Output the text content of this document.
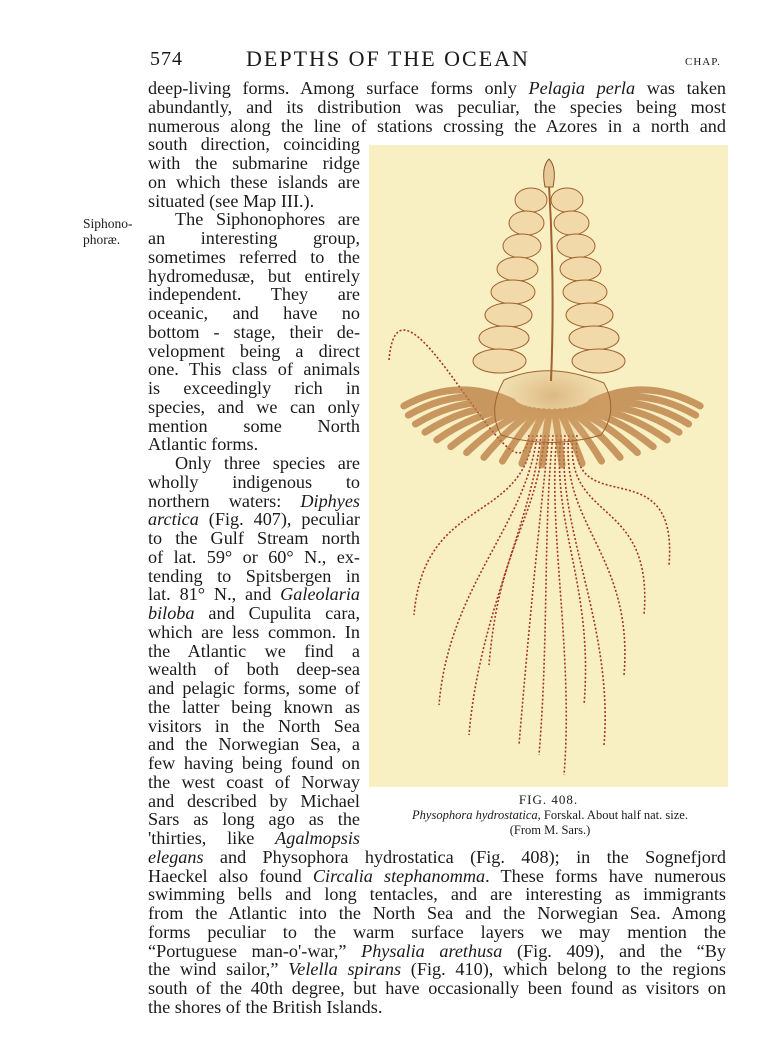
574	DEPTHS OF THE OCEAN	CHAP.
Siphono-
phoræ.
deep-living forms. Among surface forms only Pelagia perla was taken
abundantly, and its distribution was peculiar, the species being most
numerous along the line of stations crossing the Azores in a north and
south direction, coinciding
with the submarine ridge
on which these islands are
situated (see Map III.).
The Siphonophores are
an interesting group,
sometimes referred to the
hydromedusæ, but entirely
independent. They are
oceanic, and have no
bottom - stage, their de-
velopment being a direct
one. This class of animals
is exceedingly rich in
species, and we can only
mention some North
Atlantic forms.
Only three species are
wholly indigenous to
northern waters: Diphyes
arctica (Fig. 407), peculiar
to the Gulf Stream north
of lat. 59° or 60° N., ex-
tending to Spitsbergen in
lat. 81° N., and Galeolaria
biloba and Cupulita cara,
which are less common. In
the Atlantic we find a
wealth of both deep-sea
and pelagic forms, some of
the latter being known as
visitors in the North Sea
and the Norwegian Sea, a
few having being found on
the west coast of Norway
and described by Michael
Sars as long ago as the
'thirties, like Agalmopsis
elegans and Physophora hydrostatica (Fig. 408); in the Sognefjord
Haeckel also found Circalia stephanomma. These forms have numerous
swimming bells and long tentacles, and are interesting as immigrants
from the Atlantic into the North Sea and the Norwegian Sea. Among
forms peculiar to the warm surface layers we may mention the
“Portuguese man-o'-war,” Physalia arethusa (Fig. 409), and the “By
the wind sailor,” Velella spirans (Fig. 410), which belong to the regions
south of the 40th degree, but have occasionally been found as visitors on
the shores of the British Islands.
FIG. 408.
Physophora hydrostatica, Forskal. About half nat. size.
(From M. Sars.)
